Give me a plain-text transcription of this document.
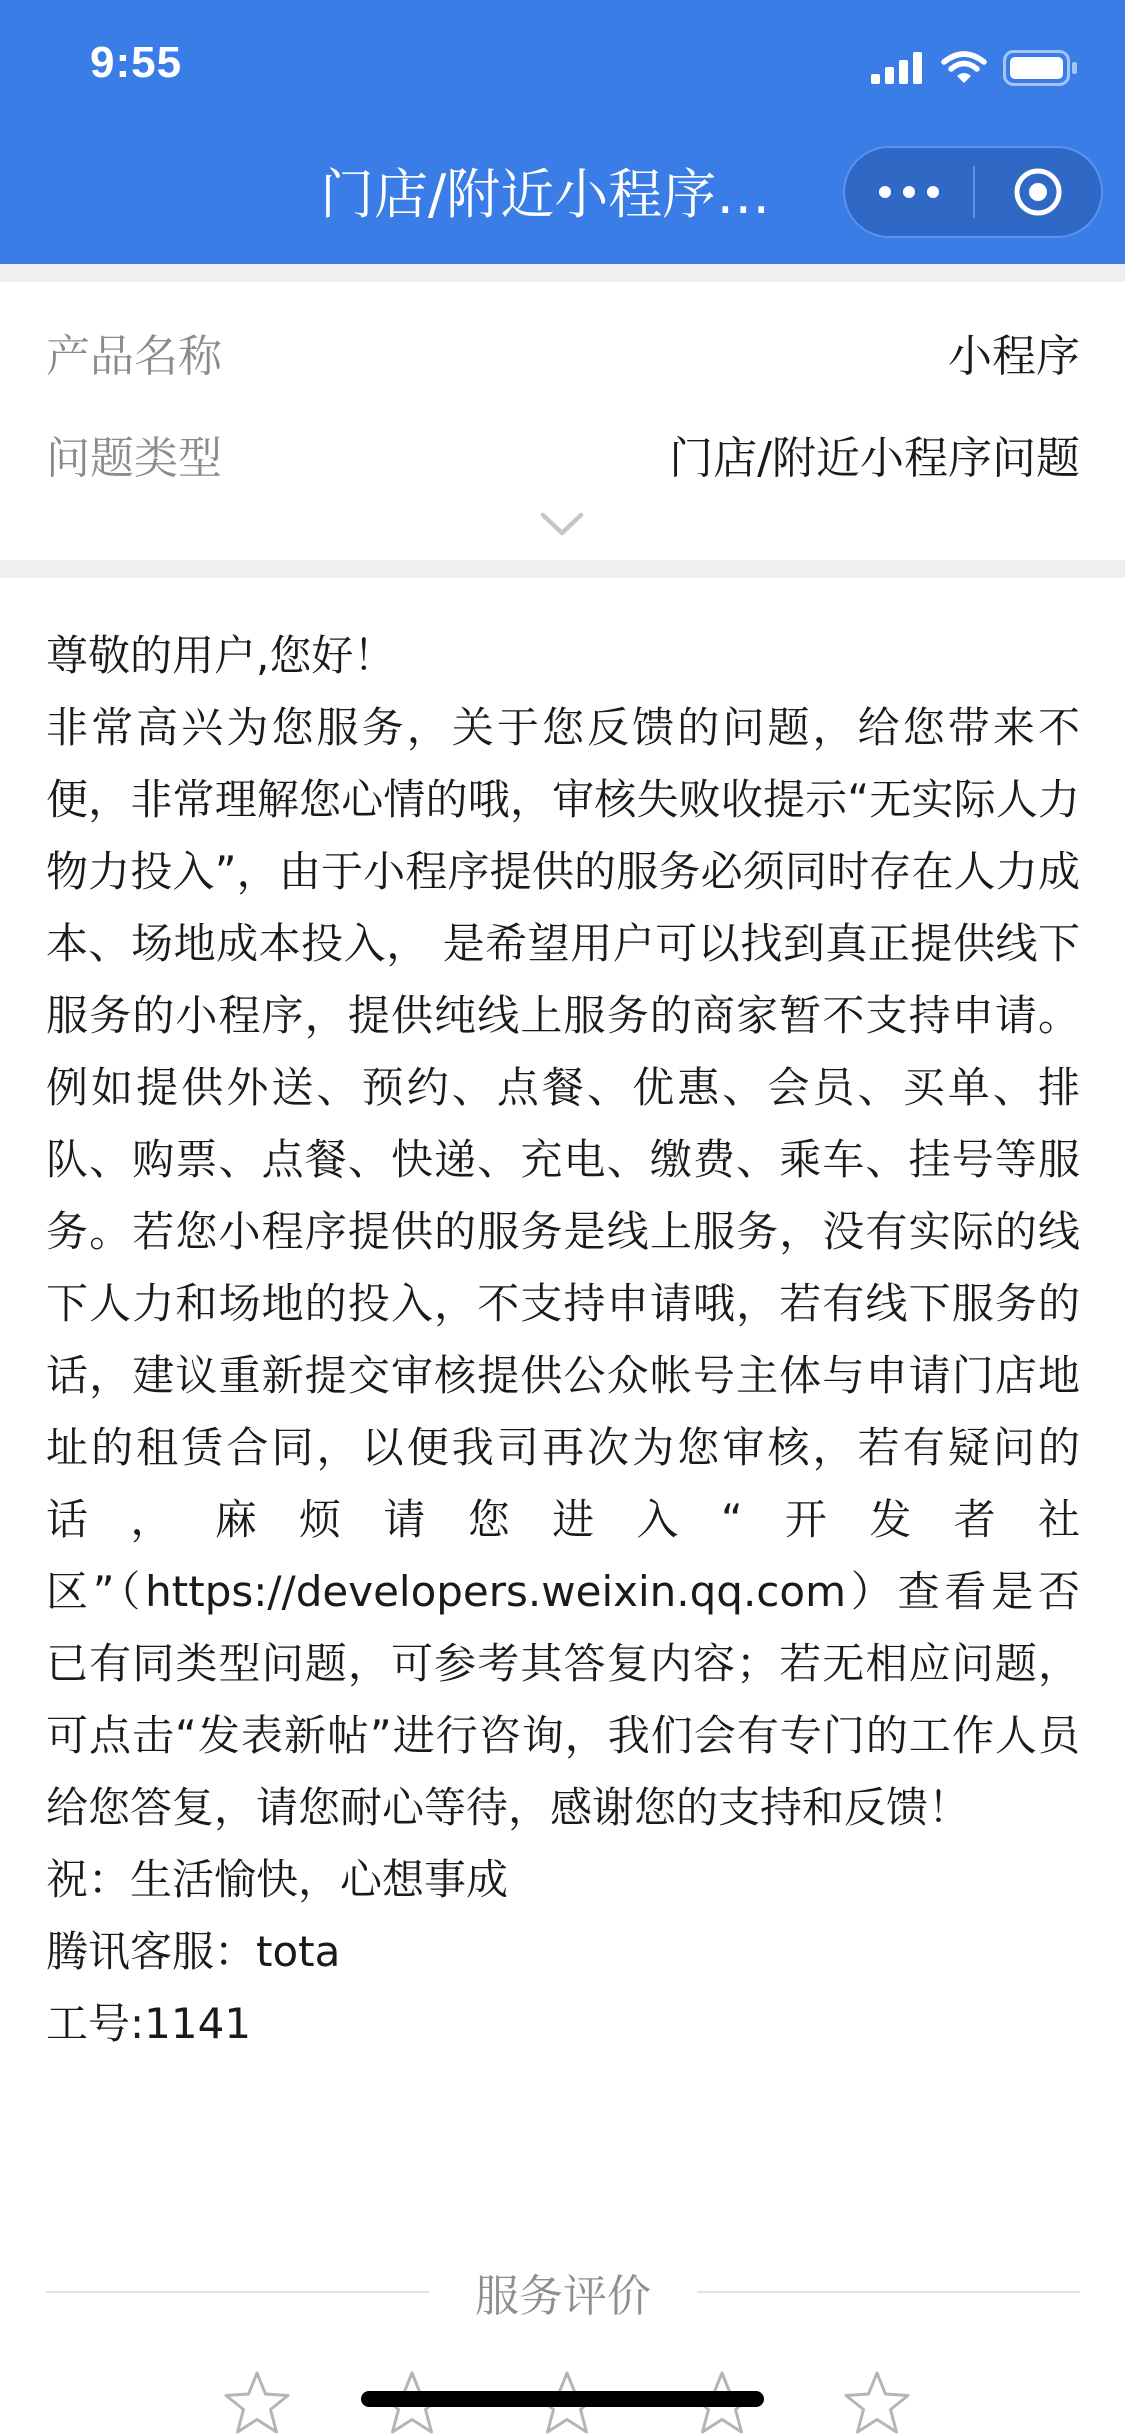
9:55
门店/附近小程序…
产品名称	小程序
问题类型	门店/附近小程序问题

尊敬的用户,您好！

非常高兴为您服务，关于您反馈的问题，给您带来不便，非常理解您心情的哦，审核失败收提示“无实际人力物力投入”，由于小程序提供的服务必须同时存在人力成本、场地成本投入， 是希望用户可以找到真正提供线下服务的小程序，提供纯线上服务的商家暂不支持申请。例如提供外送、预约、点餐、优惠、会员、买单、排队、购票、点餐、快递、充电、缴费、乘车、挂号等服务。若您小程序提供的服务是线上服务，没有实际的线下人力和场地的投入，不支持申请哦，若有线下服务的话，建议重新提交审核提供公众帐号主体与申请门店地址的租赁合同，以便我司再次为您审核，若有疑问的话，麻烦请您进入“开发者社区”（https://developers.weixin.qq.com）查看是否已有同类型问题，可参考其答复内容；若无相应问题，可点击“发表新帖”进行咨询，我们会有专门的工作人员给您答复，请您耐心等待，感谢您的支持和反馈！

祝：生活愉快，心想事成

腾讯客服：tota

工号:1141

服务评价
